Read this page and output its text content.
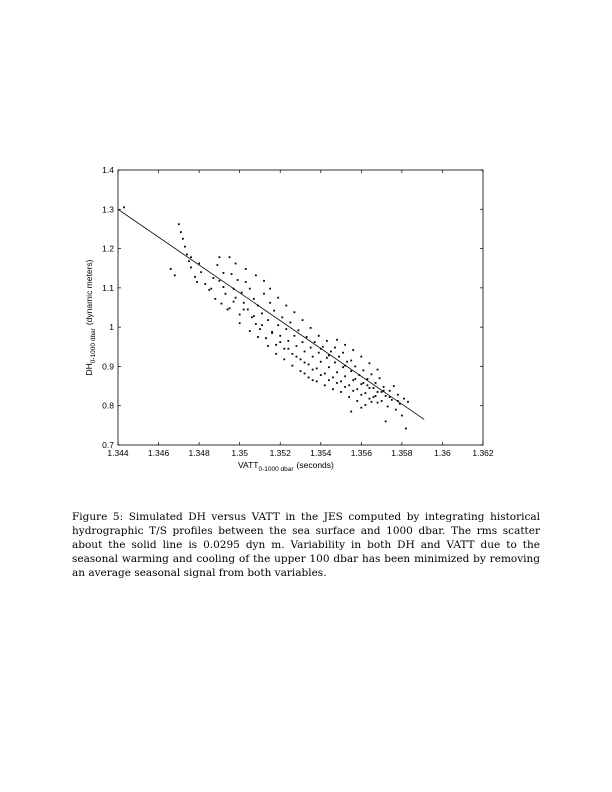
1.344 1.346 1.348	1.35	1.352 1.354 1.356 1.358	1.36	1.362
0.7
0.8
0.9
1
1.1
1.2
1.3
1.4
$VATT_{0-1000 dbar}$ (seconds)
$DH_{0-1000 dbar}(dynamic$ meters)
Figure 5: Simulated DH versus VATT in the JES computed by integrating historical hydrographic T/S profiles between the sea surface and 1000 dbar. The rms scatter about the solid line is 0.0295 dyn m. Variability in both DH and VATT due to the seasonal warming and cooling of the upper 100 dbar has been minimized by removing an average seasonal signal from both variables.
